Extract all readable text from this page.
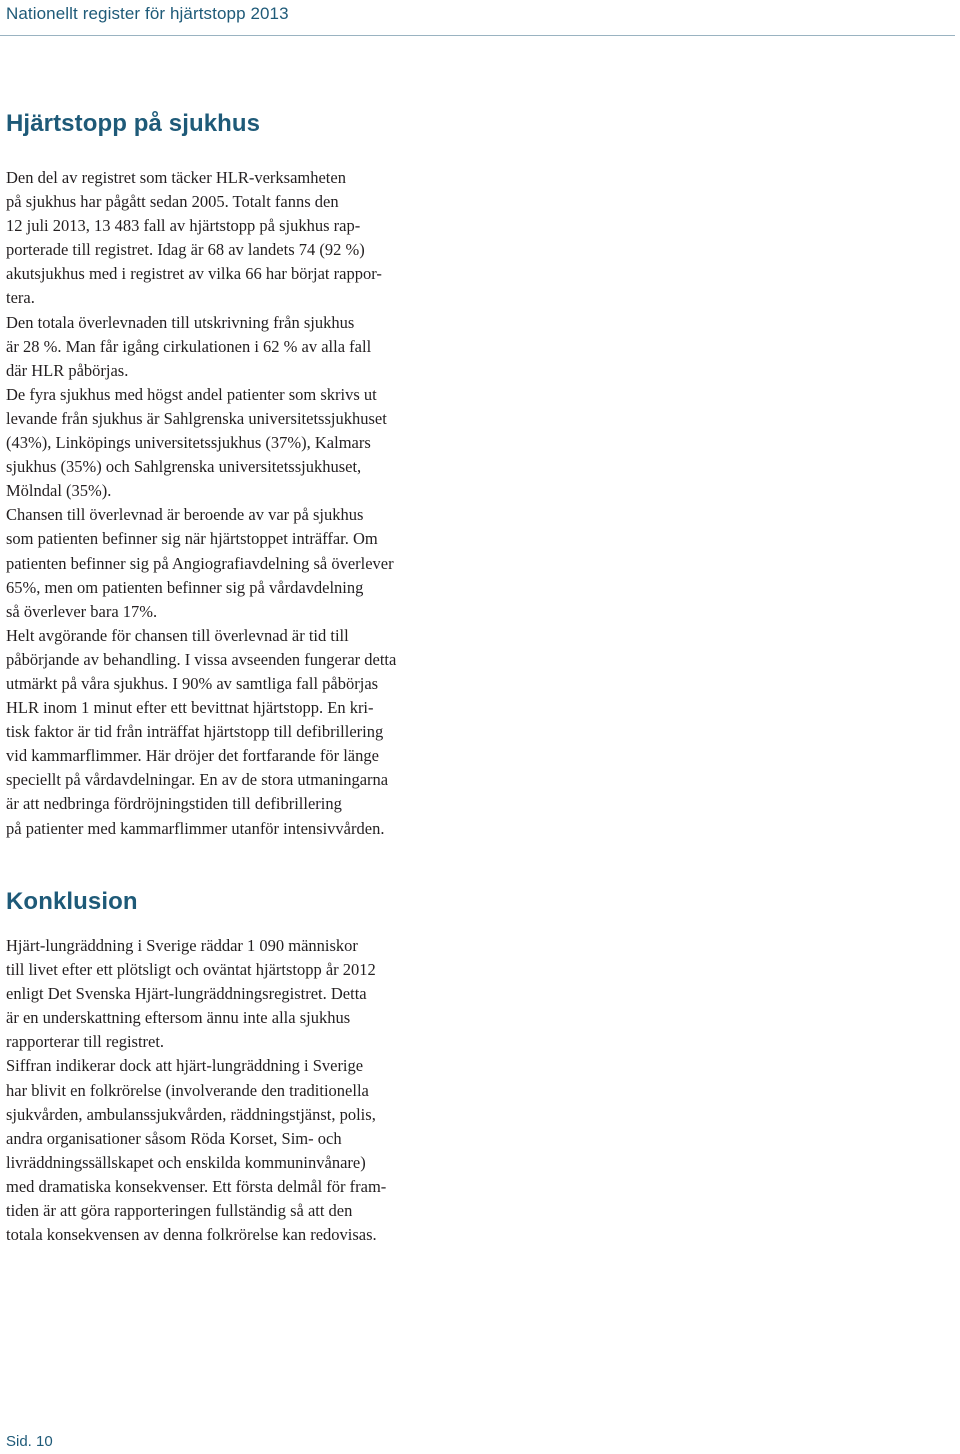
Nationellt register för hjärtstopp 2013
Hjärtstopp på sjukhus
Den del av registret som täcker HLR-verksamheten
på sjukhus har pågått sedan 2005. Totalt fanns den
12 juli 2013, 13 483 fall av hjärtstopp på sjukhus rap-
porterade till registret. Idag är 68 av landets 74 (92 %)
akutsjukhus med i registret av vilka 66 har börjat rappor-
tera.
Den totala överlevnaden till utskrivning från sjukhus
är 28 %. Man får igång cirkulationen i 62 % av alla fall
där HLR påbörjas.
De fyra sjukhus med högst andel patienter som skrivs ut
levande från sjukhus är Sahlgrenska universitetssjukhuset
(43%), Linköpings universitetssjukhus (37%), Kalmars
sjukhus (35%) och Sahlgrenska universitetssjukhuset,
Mölndal (35%).
Chansen till överlevnad är beroende av var på sjukhus
som patienten befinner sig när hjärtstoppet inträffar. Om
patienten befinner sig på Angiografiavdelning så överlever
65%, men om patienten befinner sig på vårdavdelning
så överlever bara 17%.
Helt avgörande för chansen till överlevnad är tid till
påbörjande av behandling. I vissa avseenden fungerar detta
utmärkt på våra sjukhus. I 90% av samtliga fall påbörjas
HLR inom 1 minut efter ett bevittnat hjärtstopp. En kri-
tisk faktor är tid från inträffat hjärtstopp till defibrillering
vid kammarflimmer. Här dröjer det fortfarande för länge
speciellt på vårdavdelningar. En av de stora utmaningarna
är att nedbringa fördröjningstiden till defibrillering
på patienter med kammarflimmer utanför intensivvården.
Konklusion
Hjärt-lungräddning i Sverige räddar 1 090 människor
till livet efter ett plötsligt och oväntat hjärtstopp år 2012
enligt Det Svenska Hjärt-lungräddningsregistret. Detta
är en underskattning eftersom ännu inte alla sjukhus
rapporterar till registret.
Siffran indikerar dock att hjärt-lungräddning i Sverige
har blivit en folkrörelse (involverande den traditionella
sjukvården, ambulanssjukvården, räddningstjänst, polis,
andra organisationer såsom Röda Korset, Sim- och
livräddningssällskapet och enskilda kommuninvånare)
med dramatiska konsekvenser. Ett första delmål för fram-
tiden är att göra rapporteringen fullständig så att den
totala konsekvensen av denna folkrörelse kan redovisas.
Sid. 10
